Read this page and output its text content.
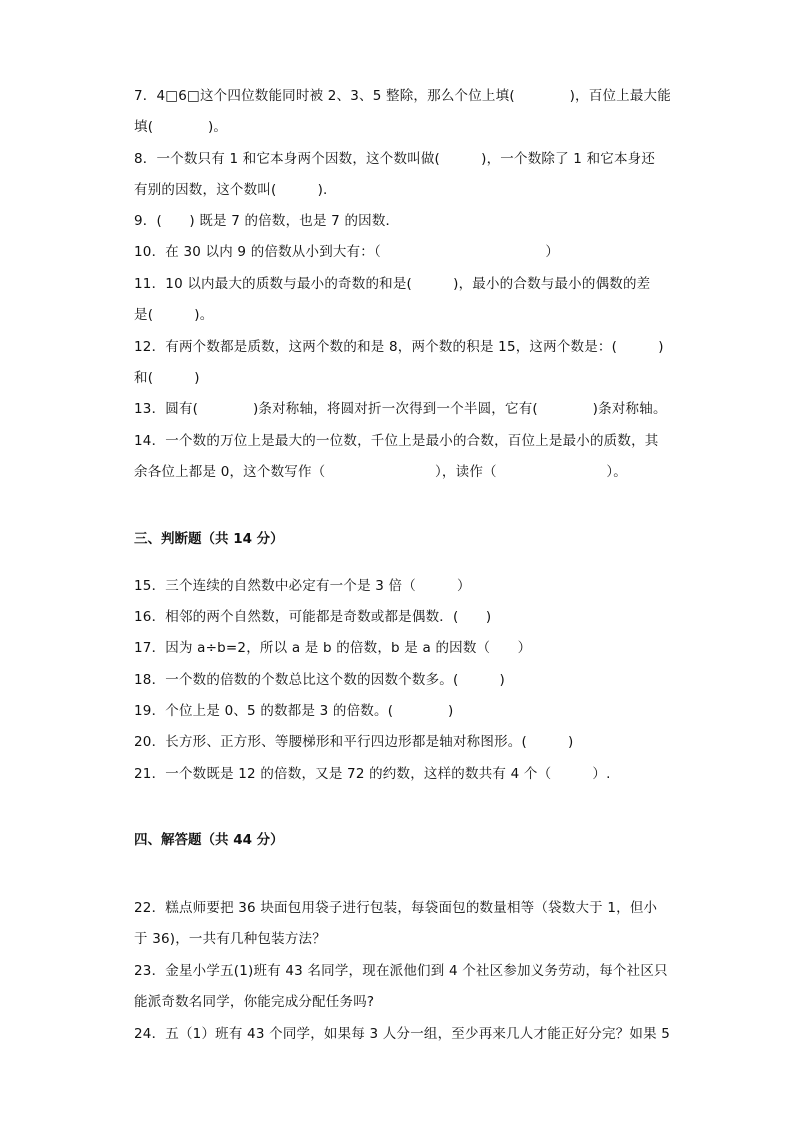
7．4□6□这个四位数能同时被 2、3、5 整除，那么个位上填(　　　　)，百位上最大能
填(　　　　)。
8．一个数只有 1 和它本身两个因数，这个数叫做(　　　)，一个数除了 1 和它本身还
有别的因数，这个数叫(　　　).
9．(　　) 既是 7 的倍数，也是 7 的因数．
10．在 30 以内 9 的倍数从小到大有：（　　　　　　　　　　　　）
11．10 以内最大的质数与最小的奇数的和是(　　　)，最小的合数与最小的偶数的差
是(　　　)。
12．有两个数都是质数，这两个数的和是 8，两个数的积是 15，这两个数是：(　　　)
和(　　　)
13．圆有(　　　　)条对称轴，将圆对折一次得到一个半圆，它有(　　　　)条对称轴。
14．一个数的万位上是最大的一位数，千位上是最小的合数，百位上是最小的质数，其
余各位上都是 0，这个数写作（　　　　　　　　），读作（　　　　　　　　）。
三、判断题（共 14 分）
15．三个连续的自然数中必定有一个是 3 倍（　　　）
16．相邻的两个自然数，可能都是奇数或都是偶数．(　　)
17．因为 a÷b=2，所以 a 是 b 的倍数，b 是 a 的因数（　　）
18．一个数的倍数的个数总比这个数的因数个数多。(　　　)
19．个位上是 0、5 的数都是 3 的倍数。(　　　　)
20．长方形、正方形、等腰梯形和平行四边形都是轴对称图形。(　　　)
21．一个数既是 12 的倍数，又是 72 的约数，这样的数共有 4 个（　　　）.
四、解答题（共 44 分）
22．糕点师要把 36 块面包用袋子进行包装，每袋面包的数量相等（袋数大于 1，但小
于 36)，一共有几种包装方法？
23．金星小学五(1)班有 43 名同学，现在派他们到 4 个社区参加义务劳动，每个社区只
能派奇数名同学，你能完成分配任务吗?
24．五（1）班有 43 个同学，如果每 3 人分一组，至少再来几人才能正好分完？如果 5
